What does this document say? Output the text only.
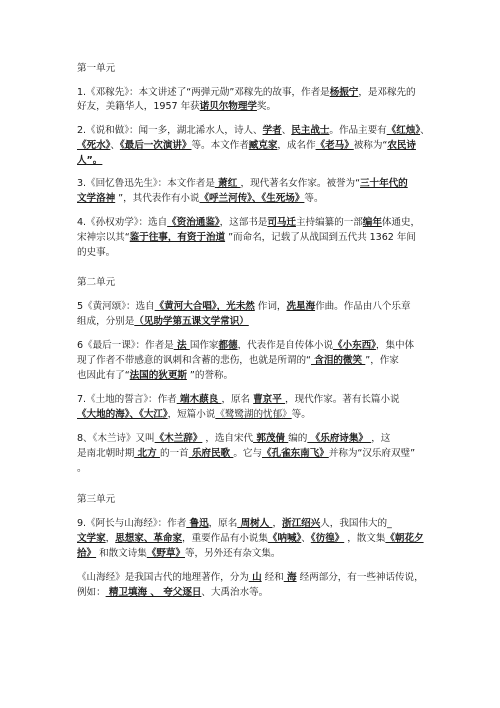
第一单元
1.《邓稼先》：本文讲述了“两弹元勋”邓稼先的故事，作者是杨振宁，是邓稼先的
好友，美籍华人，1957 年获诺贝尔物理学奖。
2.《说和做》：闻一多，湖北浠水人，诗人、学者、民主战士。作品主要有《红烛》、
《死水》、《最后一次演讲》等。本文作者臧克家，成名作《老马》被称为“农民诗
人”。
3.《回忆鲁迅先生》：本文作者是 萧红 ，现代著名女作家。被誉为“三十年代的
文学洛神 ”，其代表作有小说《呼兰河传》、《生死场》等。
4.《孙权劝学》：选自《资治通鉴》，这部书是司马迁主持编纂的一部编年体通史，
宋神宗以其“鉴于往事，有资于治道 ”而命名，记载了从战国到五代共 1362 年间
的史事。
第二单元
5《黄河颂》：选自《黄河大合唱》，光未然 作词，冼星海作曲。作品由八个乐章
组成，分别是（见助学第五课文学常识）
6《最后一课》：作者是 法 国作家都德，代表作是自传体小说《小东西》，集中体
现了作者不带感意的讽刺和含蓄的悲伤，也就是所谓的“ 含泪的微笑 ”，作家
也因此有了“法国的狄更斯 ”的誉称。
7.《土地的誓言》：作者 端木蕻良 ，原名 曹京平 ，现代作家。著有长篇小说
《大地的海》、《大江》，短篇小说《鹭鹭湖的忧郁》等。
8、《木兰诗》又叫《木兰辞》 ，选自宋代 郭茂倩 编的 《乐府诗集》 ，这
是南北朝时期 北方 的一首 乐府民歌 。它与《孔雀东南飞》并称为“汉乐府双璧”
。
第三单元
9.《阿长与山海经》：作者 鲁迅，原名 周树人 ，浙江绍兴人，我国伟大的_
文学家，思想家、革命家，重要作品有小说集《呐喊》、《彷徨》 ，散文集《朝花夕
拾》 和散文诗集《野草》等，另外还有杂文集。
《山海经》是我国古代的地理著作，分为 山 经和 海 经两部分，有一些神话传说，
例如： 精卫填海 、 夸父逐日、大禹治水等。
